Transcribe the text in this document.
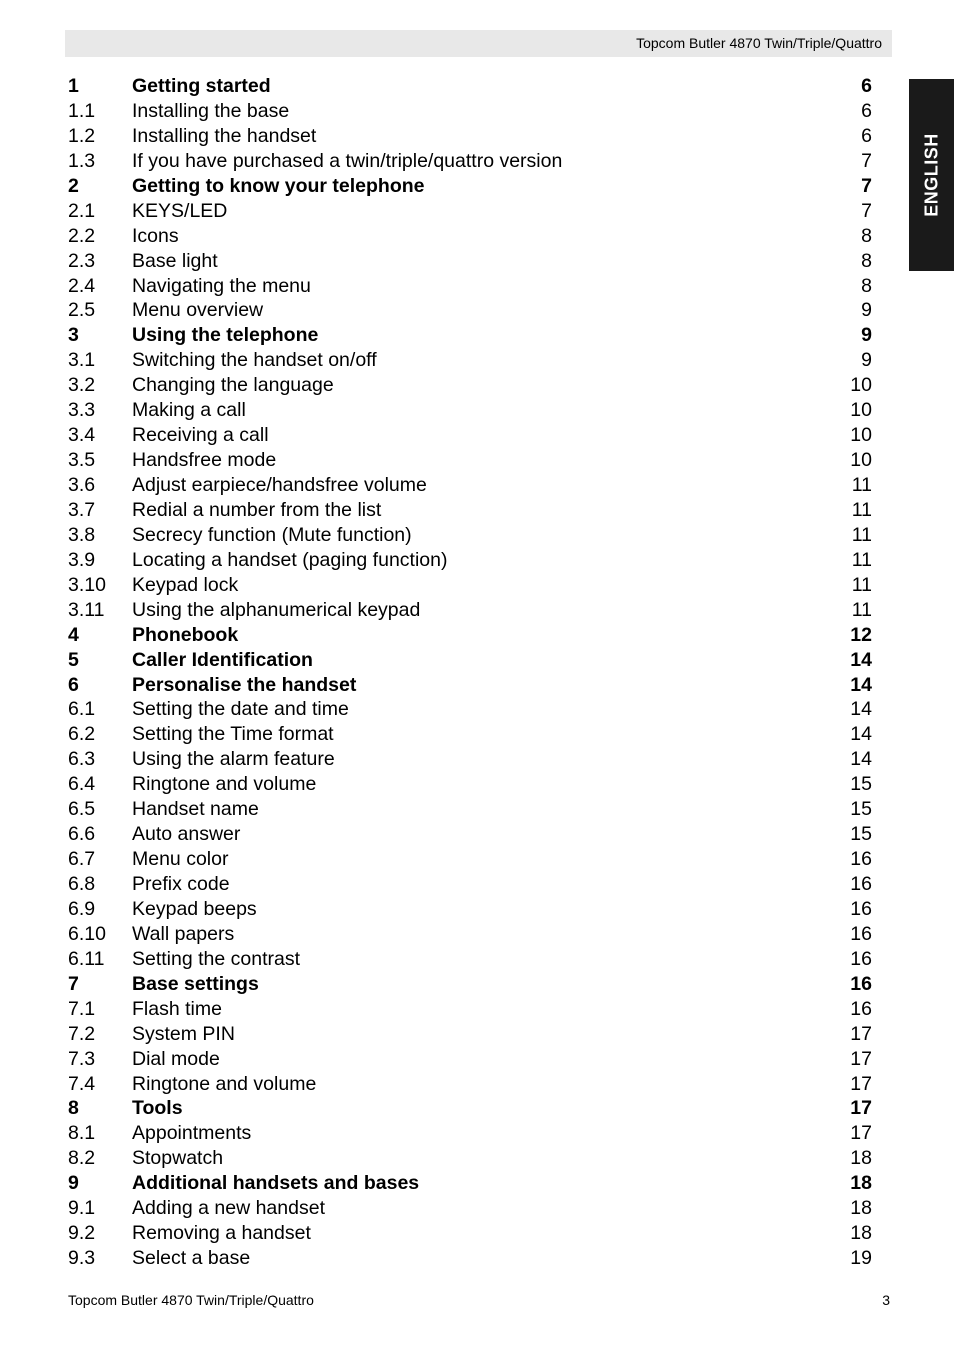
Topcom Butler 4870 Twin/Triple/Quattro
ENGLISH
1	Getting started	6
1.1 Installing the base	6
1.2 Installing the handset	6
1.3 If you have purchased a twin/triple/quattro version	7
2	Getting to know your telephone	7
2.1 KEYS/LED	7
2.2 Icons	8
2.3 Base light	8
2.4 Navigating the menu	8
2.5 Menu overview	9
3	Using the telephone	9
3.1 Switching the handset on/off	9
3.2 Changing the language	10
3.3 Making a call	10
3.4 Receiving a call	10
3.5 Handsfree mode	10
3.6 Adjust earpiece/handsfree volume	11
3.7 Redial a number from the list	11
3.8 Secrecy function (Mute function)	11
3.9 Locating a handset (paging function)	11
3.10 Keypad lock	11
3.11 Using the alphanumerical keypad	11
4	Phonebook	12
5	Caller Identification	14
6	Personalise the handset	14
6.1 Setting the date and time	14
6.2 Setting the Time format	14
6.3 Using the alarm feature	14
6.4 Ringtone and volume	15
6.5 Handset name	15
6.6 Auto answer	15
6.7 Menu color	16
6.8 Prefix code	16
6.9 Keypad beeps	16
6.10 Wall papers	16
6.11 Setting the contrast	16
7	Base settings	16
7.1 Flash time	16
7.2 System PIN	17
7.3 Dial mode	17
7.4 Ringtone and volume	17
8	Tools	17
8.1 Appointments	17
8.2 Stopwatch	18
9	Additional handsets and bases	18
9.1 Adding a new handset	18
9.2 Removing a handset	18
9.3 Select a base	19
Topcom Butler 4870 Twin/Triple/Quattro	3
